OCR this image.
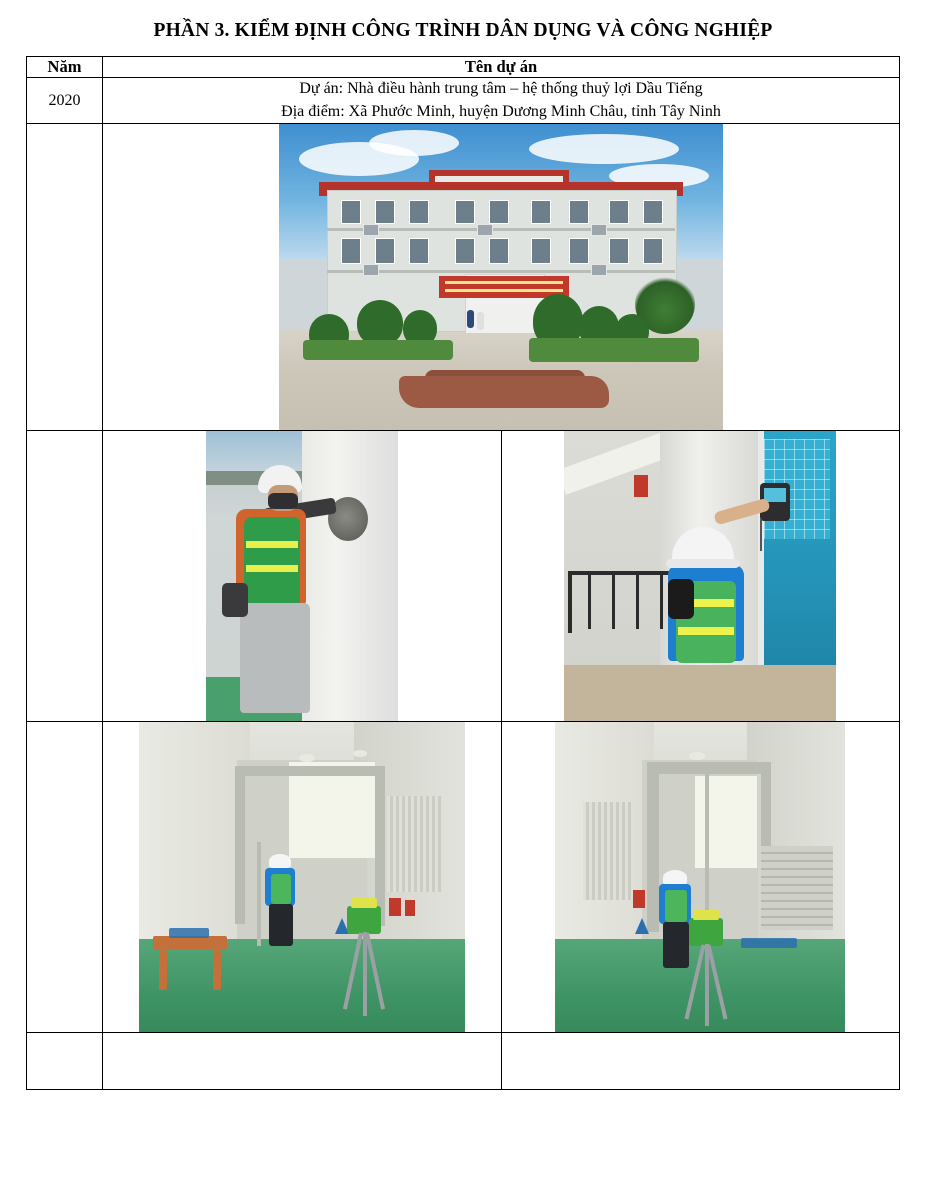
PHẦN 3. KIỂM ĐỊNH CÔNG TRÌNH DÂN DỤNG VÀ CÔNG NGHIỆP
Năm	Tên dự án	
2020	Dự án: Nhà điều hành trung tâm – hệ thống thuỷ lợi Dầu Tiếng
Địa điểm: Xã Phước Minh, huyện Dương Minh Châu, tỉnh Tây Ninh	
